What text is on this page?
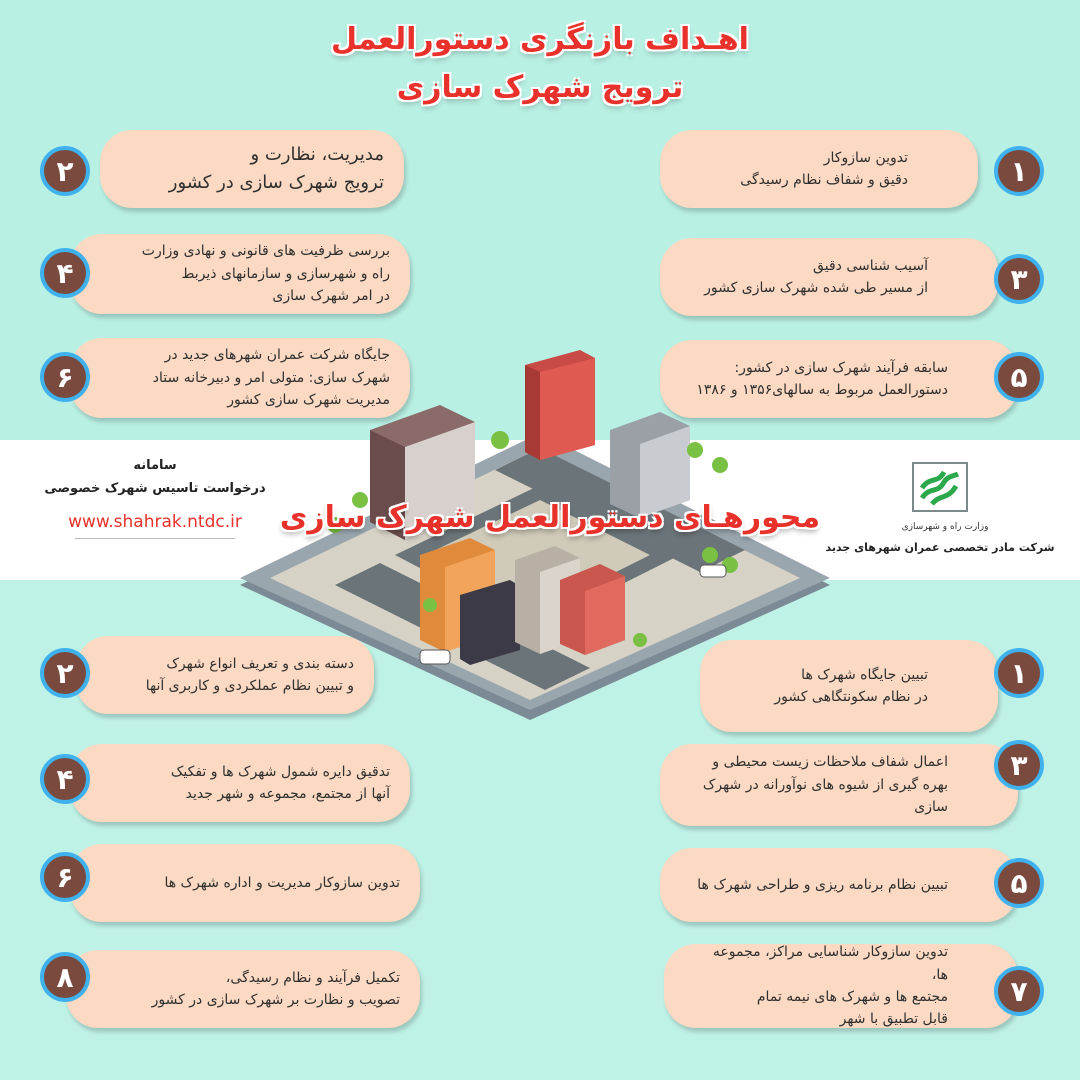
اهـداف بازنگری دستورالعمل
ترویج شهرک سازی
تدوین سازوکار
دقیق و شفاف نظام رسیدگی	۱
آسیب شناسی دقیق
از مسیر طی شده شهرک سازی کشور	۳
سابقه فرآیند شهرک سازی در کشور:
دستورالعمل مربوط به سالهای۱۳۵۶ و ۱۳۸۶	۵
مدیریت، نظارت و
ترویج شهرک سازی در کشور
۲
بررسی ظرفیت های قانونی و نهادی وزارت
راه و شهرسازی و سازمانهای ذیربط
در امر شهرک سازی
۴
جایگاه شرکت عمران شهرهای جدید در
شهرک سازی: متولی امر و دبیرخانه ستاد
مدیریت شهرک سازی کشور
۶
محورهـای دستورالعمل شهرک سازی
سامانه
درخواست تاسیس شهرک خصوصی
www.shahrak.ntdc.ir	وزارت راه و شهرسازی
شرکت مادر تخصصی عمران شهرهای جدید
تبیین جایگاه شهرک ها
در نظام سکونتگاهی کشور
۱
اعمال شفاف ملاحظات زیست محیطی و
بهره گیری از شیوه های نوآورانه در شهرک سازی
۳
تبیین نظام برنامه ریزی و طراحی شهرک ها	۵
تدوین سازوکار شناسایی مراکز، مجموعه ها،
مجتمع ها و شهرک های نیمه تمام
قابل تطبیق با شهر
۷
دسته بندی و تعریف انواع شهرک
و تبیین نظام عملکردی و کاربری آنها
۲
تدقیق دایره شمول شهرک ها و تفکیک
آنها از مجتمع، مجموعه و شهر جدید
۴
تدوین سازوکار مدیریت و اداره شهرک ها
۶
تکمیل فرآیند و نظام رسیدگی،
تصویب و نظارت بر شهرک سازی در کشور
۸
